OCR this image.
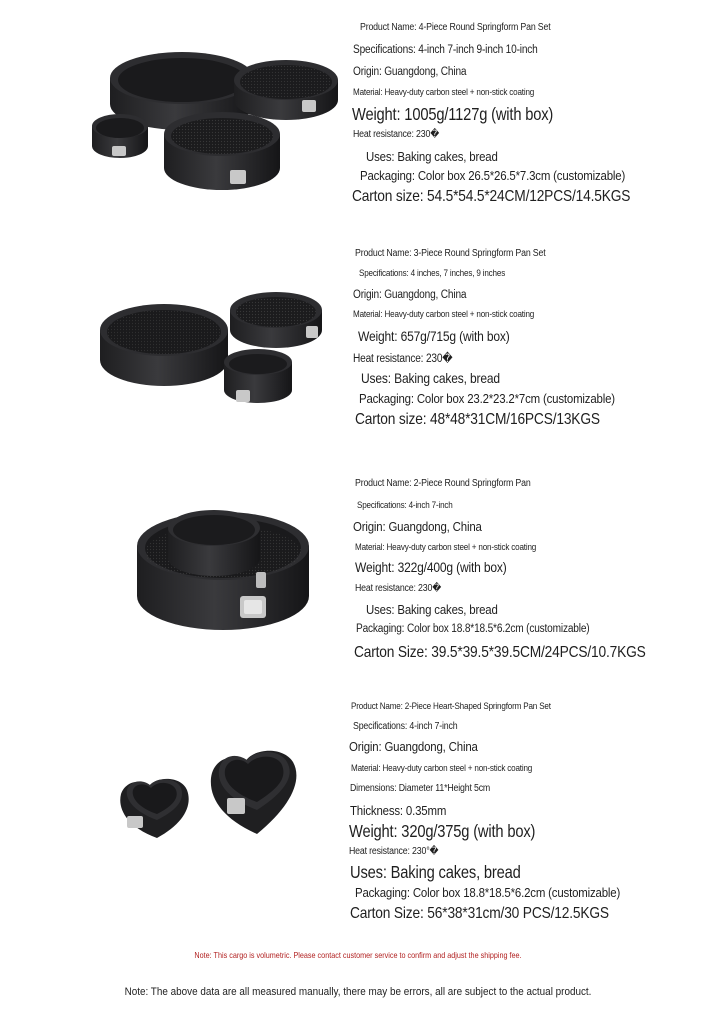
Product Name: 4-Piece Round Springform Pan Set
Specifications: 4-inch 7-inch 9-inch 10-inch
Origin: Guangdong, China
Material: Heavy-duty carbon steel + non-stick coating
Weight: 1005g/1127g (with box)
Heat resistance: 230�
Uses: Baking cakes, bread
Packaging: Color box 26.5*26.5*7.3cm (customizable)
Carton size: 54.5*54.5*24CM/12PCS/14.5KGS
Product Name: 3-Piece Round Springform Pan Set
Specifications: 4 inches, 7 inches, 9 inches
Origin: Guangdong, China
Material: Heavy-duty carbon steel + non-stick coating
Weight: 657g/715g (with box)
Heat resistance: 230�
Uses: Baking cakes, bread
Packaging: Color box 23.2*23.2*7cm (customizable)
Carton size: 48*48*31CM/16PCS/13KGS
Product Name: 2-Piece Round Springform Pan
Specifications: 4-inch 7-inch
Origin: Guangdong, China
Material: Heavy-duty carbon steel + non-stick coating
Weight: 322g/400g (with box)
Heat resistance: 230�
Uses: Baking cakes, bread
Packaging: Color box 18.8*18.5*6.2cm (customizable)
Carton Size: 39.5*39.5*39.5CM/24PCS/10.7KGS
Product Name: 2-Piece Heart-Shaped Springform Pan Set
Specifications: 4-inch 7-inch
Origin: Guangdong, China
Material: Heavy-duty carbon steel + non-stick coating
Dimensions: Diameter 11*Height 5cm
Thickness: 0.35mm
Weight: 320g/375g (with box)
Heat resistance: 230°�
Uses: Baking cakes, bread
Packaging: Color box 18.8*18.5*6.2cm (customizable)
Carton Size: 56*38*31cm/30 PCS/12.5KGS
Note: This cargo is volumetric. Please contact customer service to confirm and adjust the shipping fee.
Note: The above data are all measured manually, there may be errors, all are subject to the actual product.
